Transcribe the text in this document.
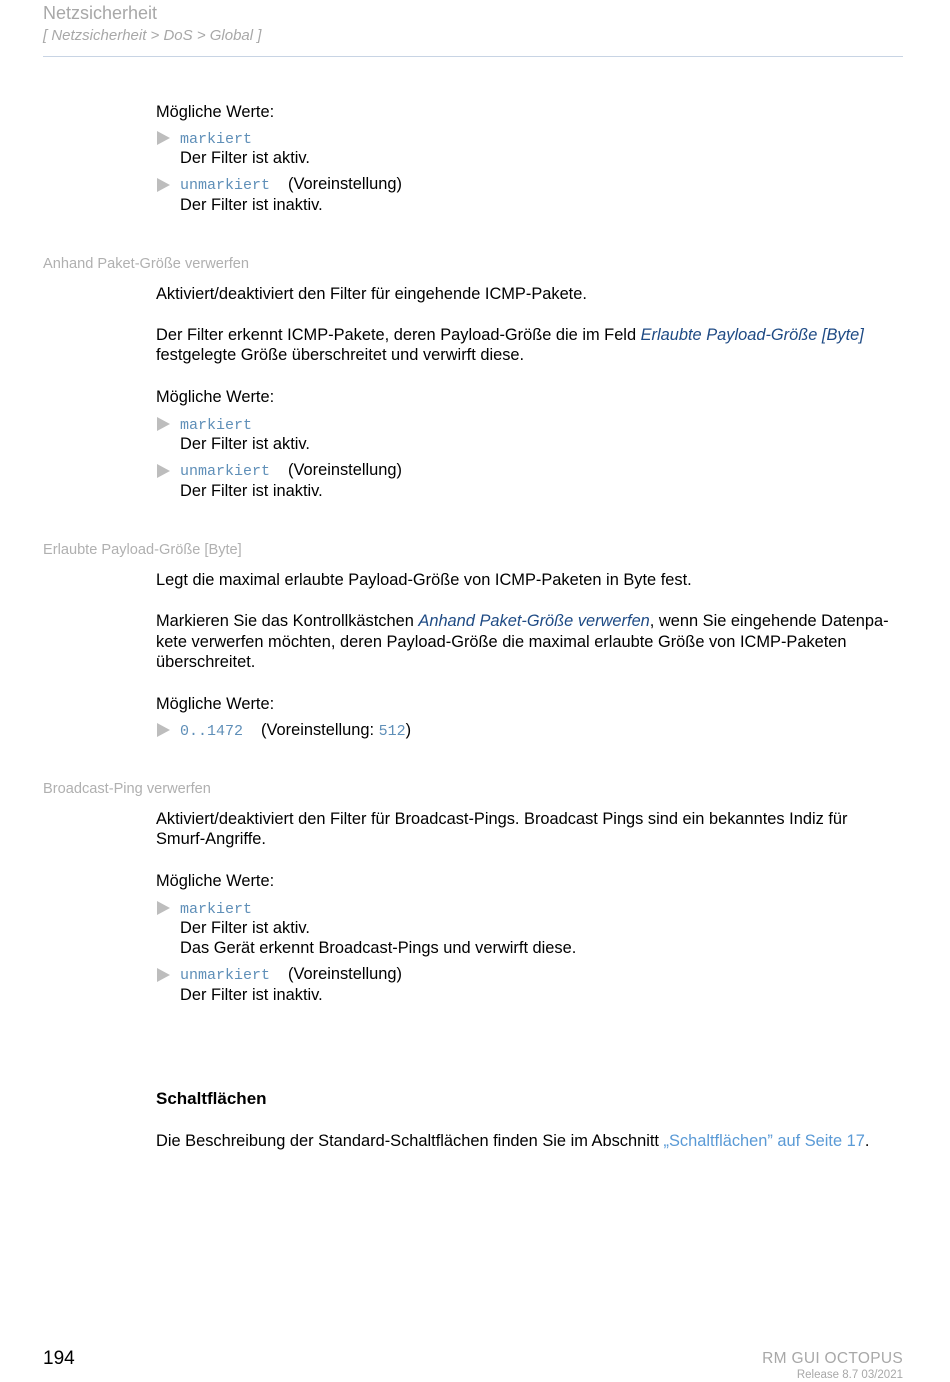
Netzsicherheit
[ Netzsicherheit > DoS > Global ]
Mögliche Werte:
markiert
Der Filter ist aktiv.
unmarkiert (Voreinstellung)
Der Filter ist inaktiv.
Anhand Paket-Größe verwerfen
Aktiviert/deaktiviert den Filter für eingehende ICMP-Pakete.
Der Filter erkennt ICMP-Pakete, deren Payload-Größe die im Feld Erlaubte Payload-Größe [Byte]
festgelegte Größe überschreitet und verwirft diese.
Mögliche Werte:
markiert
Der Filter ist aktiv.
unmarkiert (Voreinstellung)
Der Filter ist inaktiv.
Erlaubte Payload-Größe [Byte]
Legt die maximal erlaubte Payload-Größe von ICMP-Paketen in Byte fest.
Markieren Sie das Kontrollkästchen Anhand Paket-Größe verwerfen, wenn Sie eingehende Datenpa-
kete verwerfen möchten, deren Payload-Größe die maximal erlaubte Größe von ICMP-Paketen
überschreitet.
Mögliche Werte:
0..1472 (Voreinstellung: 512)
Broadcast-Ping verwerfen
Aktiviert/deaktiviert den Filter für Broadcast-Pings. Broadcast Pings sind ein bekanntes Indiz für
Smurf-Angriffe.
Mögliche Werte:
markiert
Der Filter ist aktiv.
Das Gerät erkennt Broadcast-Pings und verwirft diese.
unmarkiert (Voreinstellung)
Der Filter ist inaktiv.
Schaltflächen
Die Beschreibung der Standard-Schaltflächen finden Sie im Abschnitt „Schaltflächen” auf Seite 17.
194	RM GUI OCTOPUS
Release 8.7 03/2021
